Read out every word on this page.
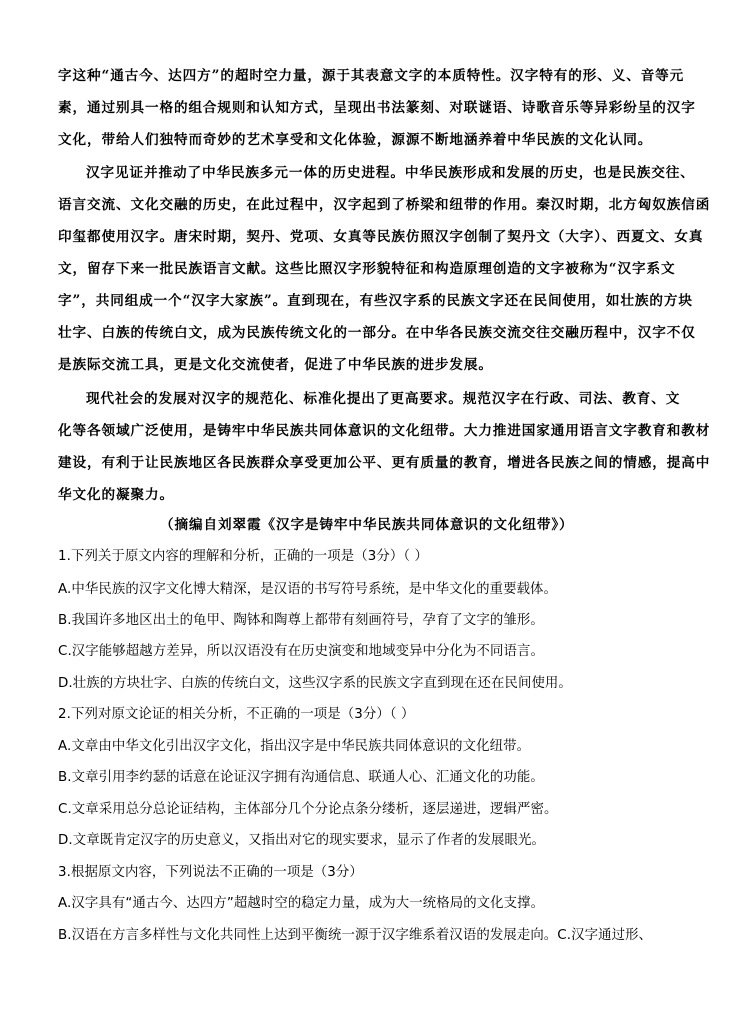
字这种“通古今、达四方”的超时空力量，源于其表意文字的本质特性。汉字特有的形、义、音等元
素，通过别具一格的组合规则和认知方式，呈现出书法篆刻、对联谜语、诗歌音乐等异彩纷呈的汉字
文化，带给人们独特而奇妙的艺术享受和文化体验，源源不断地涵养着中华民族的文化认同。
汉字见证并推动了中华民族多元一体的历史进程。中华民族形成和发展的历史，也是民族交往、
语言交流、文化交融的历史，在此过程中，汉字起到了桥梁和纽带的作用。秦汉时期，北方匈奴族信函
印玺都使用汉字。唐宋时期，契丹、党项、女真等民族仿照汉字创制了契丹文（大字）、西夏文、女真
文，留存下来一批民族语言文献。这些比照汉字形貌特征和构造原理创造的文字被称为“汉字系文
字”，共同组成一个“汉字大家族”。直到现在，有些汉字系的民族文字还在民间使用，如壮族的方块
壮字、白族的传统白文，成为民族传统文化的一部分。在中华各民族交流交往交融历程中，汉字不仅
是族际交流工具，更是文化交流使者，促进了中华民族的进步发展。
现代社会的发展对汉字的规范化、标准化提出了更高要求。规范汉字在行政、司法、教育、文
化等各领域广泛使用，是铸牢中华民族共同体意识的文化纽带。大力推进国家通用语言文字教育和教材
建设，有利于让民族地区各民族群众享受更加公平、更有质量的教育，增进各民族之间的情感，提高中
华文化的凝聚力。
（摘编自刘翠霞《汉字是铸牢中华民族共同体意识的文化纽带》）
1.下列关于原文内容的理解和分析，正确的一项是（3分）（ ）
A.中华民族的汉字文化博大精深，是汉语的书写符号系统，是中华文化的重要载体。
B.我国许多地区出土的龟甲、陶钵和陶尊上都带有刻画符号，孕育了文字的雏形。
C.汉字能够超越方差异，所以汉语没有在历史演变和地域变异中分化为不同语言。
D.壮族的方块壮字、白族的传统白文，这些汉字系的民族文字直到现在还在民间使用。
2.下列对原文论证的相关分析，不正确的一项是（3分）（ ）
A.文章由中华文化引出汉字文化，指出汉字是中华民族共同体意识的文化纽带。
B.文章引用李约瑟的话意在论证汉字拥有沟通信息、联通人心、汇通文化的功能。
C.文章采用总分总论证结构，主体部分几个分论点条分缕析，逐层递进，逻辑严密。
D.文章既肯定汉字的历史意义，又指出对它的现实要求，显示了作者的发展眼光。
3.根据原文内容，下列说法不正确的一项是（3分）
A.汉字具有“通古今、达四方”超越时空的稳定力量，成为大一统格局的文化支撑。
B.汉语在方言多样性与文化共同性上达到平衡统一源于汉字维系着汉语的发展走向。C.汉字通过形、
